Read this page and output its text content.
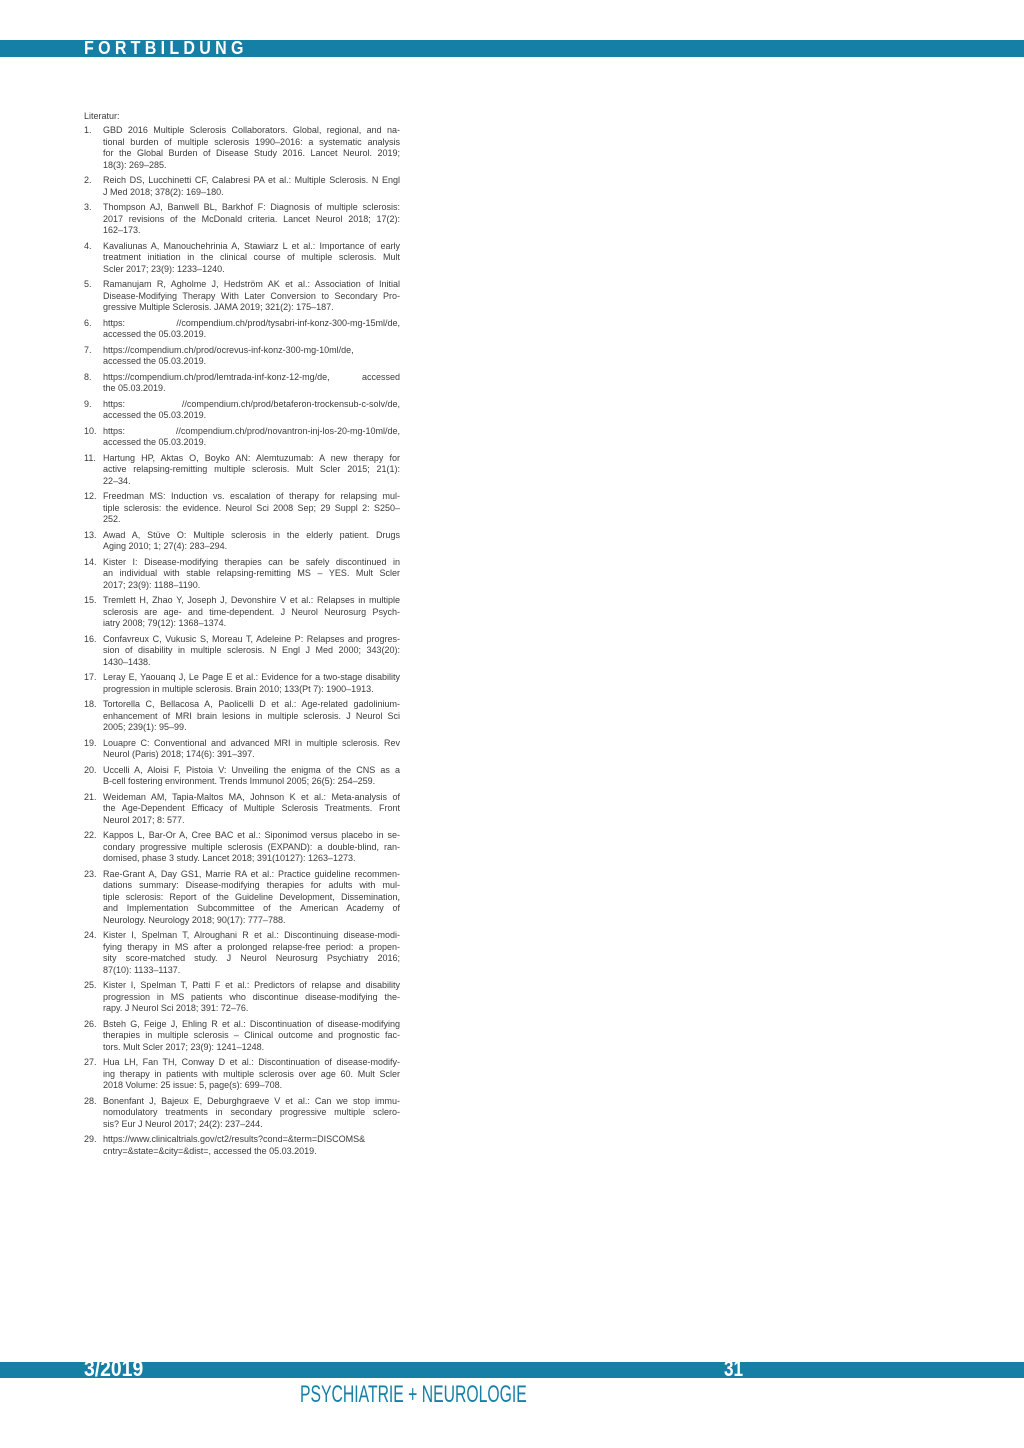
FORTBILDUNG
Literatur:
1.	GBD 2016 Multiple Sclerosis Collaborators. Global, regional, and na-
tional burden of multiple sclerosis 1990–2016: a systematic analysis
for the Global Burden of Disease Study 2016. Lancet Neurol. 2019;
18(3): 269–285.
2.	Reich DS, Lucchinetti CF, Calabresi PA et al.: Multiple Sclerosis. N Engl
J Med 2018; 378(2): 169–180.
3.	Thompson AJ, Banwell BL, Barkhof F: Diagnosis of multiple sclerosis:
2017 revisions of the McDonald criteria. Lancet Neurol 2018; 17(2):
162–173.
4.	Kavaliunas A, Manouchehrinia A, Stawiarz L et al.: Importance of early
treatment initiation in the clinical course of multiple sclerosis. Mult
Scler 2017; 23(9): 1233–1240.
5.	Ramanujam R, Agholme J, Hedström AK et al.: Association of Initial
Disease-Modifying Therapy With Later Conversion to Secondary Pro-
gressive Multiple Sclerosis. JAMA 2019; 321(2): 175–187.
6.	https: //compendium.ch/prod/tysabri-inf-konz-300-mg-15ml/de,
accessed the 05.03.2019.
7.	https://compendium.ch/prod/ocrevus-inf-konz-300-mg-10ml/de,
accessed the 05.03.2019.
8.	https://compendium.ch/prod/lemtrada-inf-konz-12-mg/de, accessed
the 05.03.2019.
9.	https: //compendium.ch/prod/betaferon-trockensub-c-solv/de,
accessed the 05.03.2019.
10. https: //compendium.ch/prod/novantron-inj-los-20-mg-10ml/de,
accessed the 05.03.2019.
11. Hartung HP, Aktas O, Boyko AN: Alemtuzumab: A new therapy for
active relapsing-remitting multiple sclerosis. Mult Scler 2015; 21(1):
22–34.
12. Freedman MS: Induction vs. escalation of therapy for relapsing mul-
tiple sclerosis: the evidence. Neurol Sci 2008 Sep; 29 Suppl 2: S250–
252.
13. Awad A, Stüve O: Multiple sclerosis in the elderly patient. Drugs
Aging 2010; 1; 27(4): 283–294.
14. Kister I: Disease-modifying therapies can be safely discontinued in
an individual with stable relapsing-remitting MS – YES. Mult Scler
2017; 23(9): 1188–1190.
15. Tremlett H, Zhao Y, Joseph J, Devonshire V et al.: Relapses in multiple
sclerosis are age- and time-dependent. J Neurol Neurosurg Psych-
iatry 2008; 79(12): 1368–1374.
16. Confavreux C, Vukusic S, Moreau T, Adeleine P: Relapses and progres-
sion of disability in multiple sclerosis. N Engl J Med 2000; 343(20):
1430–1438.
17. Leray E, Yaouanq J, Le Page E et al.: Evidence for a two-stage disability
progression in multiple sclerosis. Brain 2010; 133(Pt 7): 1900–1913.
18. Tortorella C, Bellacosa A, Paolicelli D et al.: Age-related gadolinium-
enhancement of MRI brain lesions in multiple sclerosis. J Neurol Sci
2005; 239(1): 95–99.
19. Louapre C: Conventional and advanced MRI in multiple sclerosis. Rev
Neurol (Paris) 2018; 174(6): 391–397.
20. Uccelli A, Aloisi F, Pistoia V: Unveiling the enigma of the CNS as a
B-cell fostering environment. Trends Immunol 2005; 26(5): 254–259.
21. Weideman AM, Tapia-Maltos MA, Johnson K et al.: Meta-analysis of
the Age-Dependent Efficacy of Multiple Sclerosis Treatments. Front
Neurol 2017; 8: 577.
22. Kappos L, Bar-Or A, Cree BAC et al.: Siponimod versus placebo in se-
condary progressive multiple sclerosis (EXPAND): a double-blind, ran-
domised, phase 3 study. Lancet 2018; 391(10127): 1263–1273.
23. Rae-Grant A, Day GS1, Marrie RA et al.: Practice guideline recommen-
dations summary: Disease-modifying therapies for adults with mul-
tiple sclerosis: Report of the Guideline Development, Dissemination,
and Implementation Subcommittee of the American Academy of
Neurology. Neurology 2018; 90(17): 777–788.
24. Kister I, Spelman T, Alroughani R et al.: Discontinuing disease-modi-
fying therapy in MS after a prolonged relapse-free period: a propen-
sity score-matched study. J Neurol Neurosurg Psychiatry 2016;
87(10): 1133–1137.
25. Kister I, Spelman T, Patti F et al.: Predictors of relapse and disability
progression in MS patients who discontinue disease-modifying the-
rapy. J Neurol Sci 2018; 391: 72–76.
26. Bsteh G, Feige J, Ehling R et al.: Discontinuation of disease-modifying
therapies in multiple sclerosis – Clinical outcome and prognostic fac-
tors. Mult Scler 2017; 23(9): 1241–1248.
27. Hua LH, Fan TH, Conway D et al.: Discontinuation of disease-modify-
ing therapy in patients with multiple sclerosis over age 60. Mult Scler
2018 Volume: 25 issue: 5, page(s): 699–708.
28. Bonenfant J, Bajeux E, Deburghgraeve V et al.: Can we stop immu-
nomodulatory treatments in secondary progressive multiple sclero-
sis? Eur J Neurol 2017; 24(2): 237–244.
29. https://www.clinicaltrials.gov/ct2/results?cond=&term=DISCOMS&
cntry=&state=&city=&dist=, accessed the 05.03.2019.
3/2019	31
PSYCHIATRIE + NEUROLOGIE
